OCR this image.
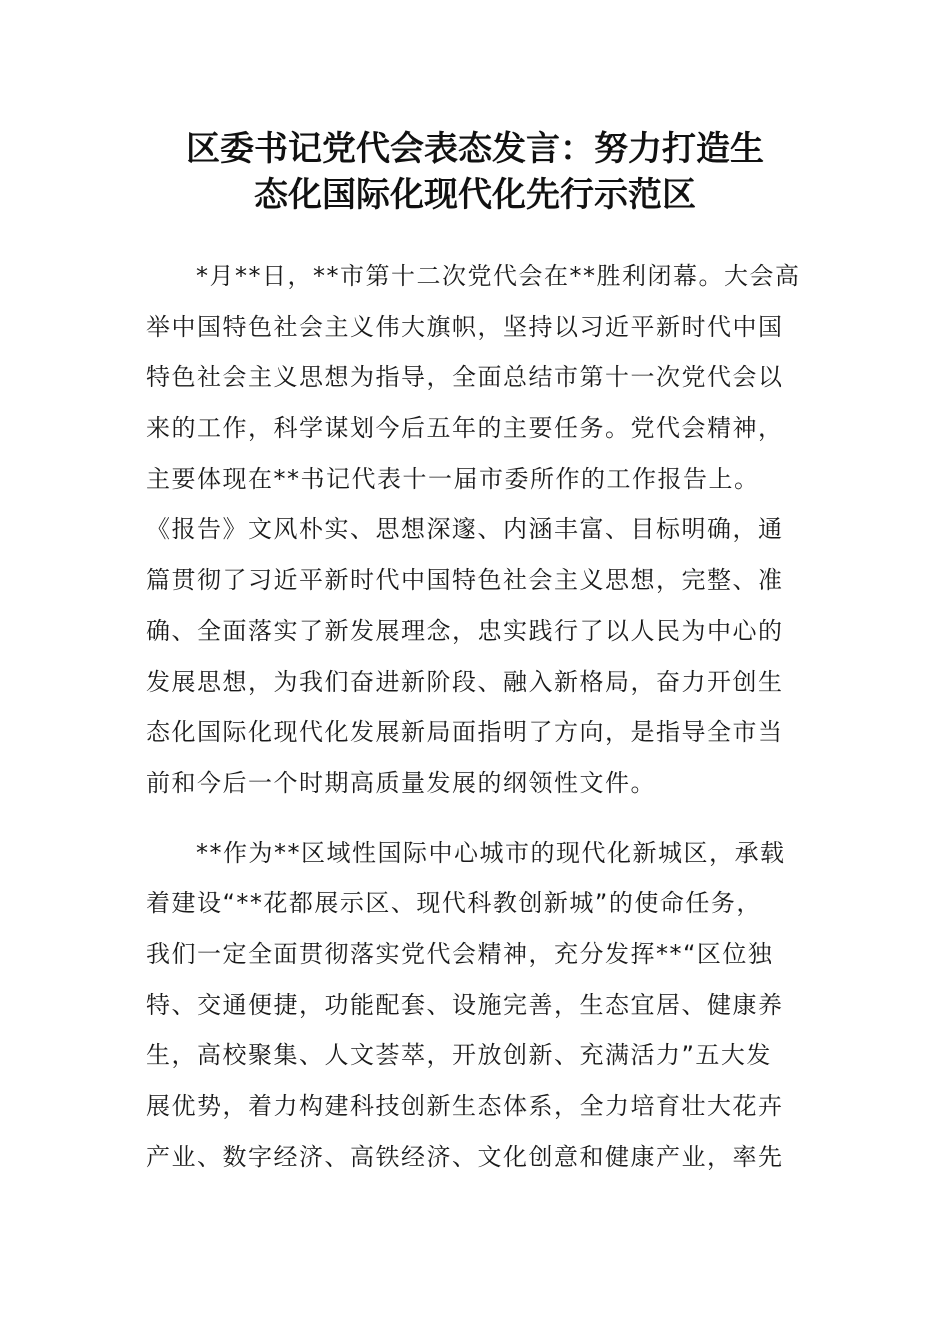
区委书记党代会表态发言：努力打造生
态化国际化现代化先行示范区
*月**日，**市第十二次党代会在**胜利闭幕。大会高
举中国特色社会主义伟大旗帜，坚持以习近平新时代中国
特色社会主义思想为指导，全面总结市第十一次党代会以
来的工作，科学谋划今后五年的主要任务。党代会精神，
主要体现在**书记代表十一届市委所作的工作报告上。
《报告》文风朴实、思想深邃、内涵丰富、目标明确，通
篇贯彻了习近平新时代中国特色社会主义思想，完整、准
确、全面落实了新发展理念，忠实践行了以人民为中心的
发展思想，为我们奋进新阶段、融入新格局，奋力开创生
态化国际化现代化发展新局面指明了方向，是指导全市当
前和今后一个时期高质量发展的纲领性文件。
**作为**区域性国际中心城市的现代化新城区，承载
着建设“**花都展示区、现代科教创新城”的使命任务，
我们一定全面贯彻落实党代会精神，充分发挥**“区位独
特、交通便捷，功能配套、设施完善，生态宜居、健康养
生，高校聚集、人文荟萃，开放创新、充满活力”五大发
展优势，着力构建科技创新生态体系，全力培育壮大花卉
产业、数字经济、高铁经济、文化创意和健康产业，率先
